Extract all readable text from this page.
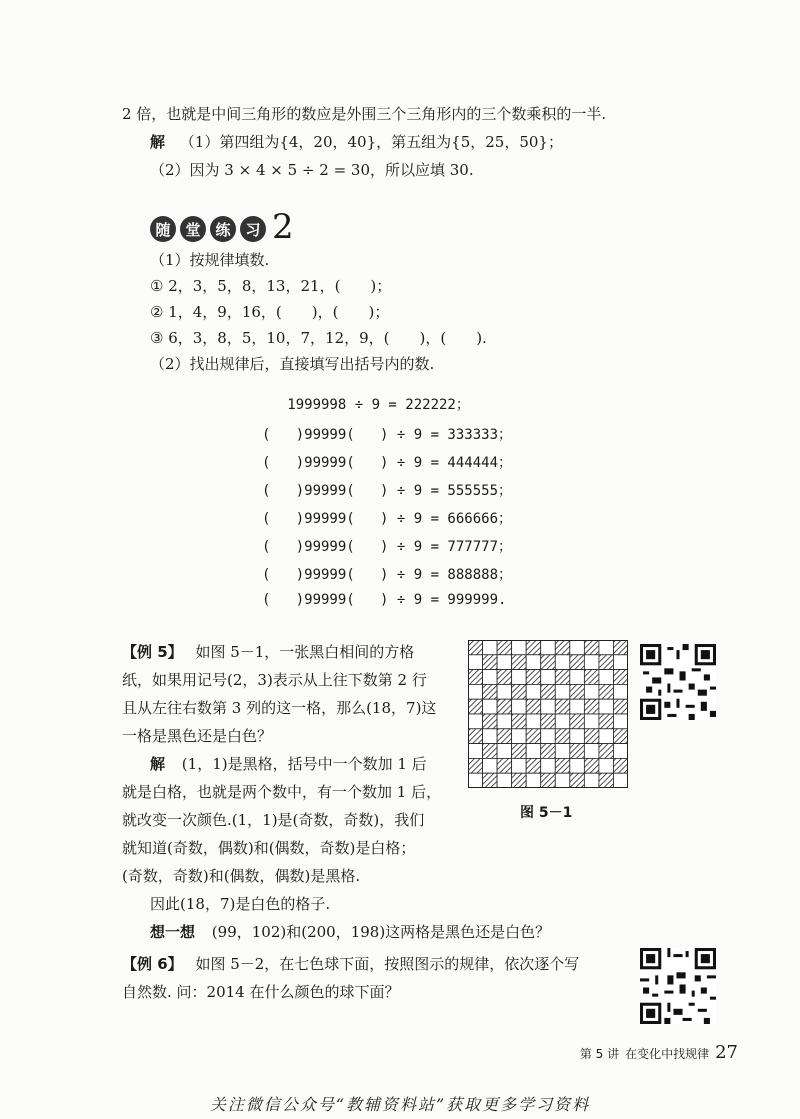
2 倍，也就是中间三角形的数应是外围三个三角形内的三个数乘积的一半.
解 （1）第四组为{4，20，40}，第五组为{5，25，50}；
（2）因为 3 × 4 × 5 ÷ 2 = 30，所以应填 30.
随 堂 练 习 2
（1）按规律填数.
① 2，3，5，8，13，21，(　　)；
② 1，4，9，16，(　　)，(　　)；
③ 6，3，8，5，10，7，12，9，(　　)，(　　).
（2）找出规律后，直接填写出括号内的数.
1999998 ÷ 9 = 222222；
(   )99999(   ) ÷ 9 = 333333；
(   )99999(   ) ÷ 9 = 444444；
(   )99999(   ) ÷ 9 = 555555；
(   )99999(   ) ÷ 9 = 666666；
(   )99999(   ) ÷ 9 = 777777；
(   )99999(   ) ÷ 9 = 888888；
(   )99999(   ) ÷ 9 = 999999.
【例 5】 如图 5－1，一张黑白相间的方格
纸，如果用记号(2，3)表示从上往下数第 2 行
且从左往右数第 3 列的这一格，那么(18，7)这
一格是黑色还是白色？
解 (1，1)是黑格，括号中一个数加 1 后
就是白格，也就是两个数中，有一个数加 1 后，
就改变一次颜色.(1，1)是(奇数，奇数)，我们
就知道(奇数，偶数)和(偶数，奇数)是白格；
(奇数，奇数)和(偶数，偶数)是黑格.
因此(18，7)是白色的格子.
想一想 (99，102)和(200，198)这两格是黑色还是白色？
图 5－1
【例 6】 如图 5－2，在七色球下面，按照图示的规律，依次逐个写
自然数. 问：2014 在什么颜色的球下面？
第 5 讲 在变化中找规律 27
关注微信公众号“教辅资料站”获取更多学习资料
